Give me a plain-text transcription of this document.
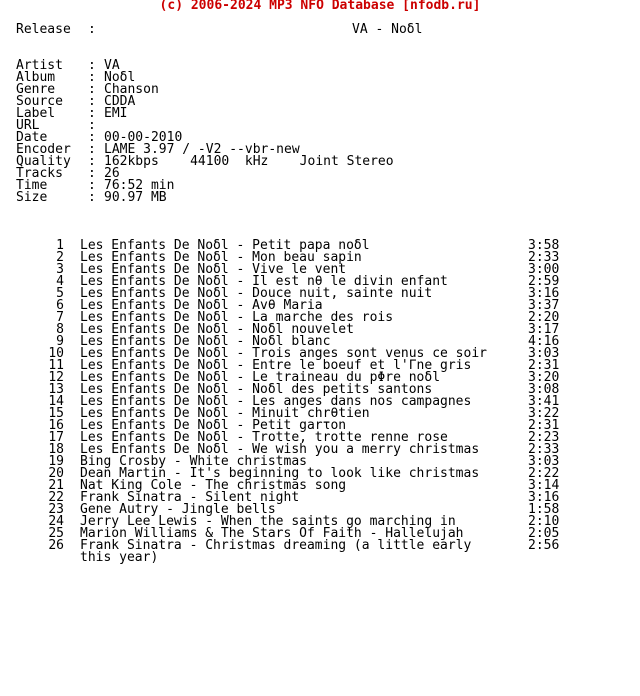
(c) 2006-2024 MP3 NFO Database [nfodb.ru]
Release :	VA - Noδl
Artist : VA
Album	: Noδl
Genre	: Chanson
Source : CDDA
Label	: EMI
URL	:
Date	: 00-00-2010
Encoder : LAME 3.97 / -V2 --vbr-new
Quality : 162kbps    44100  kHz    Joint Stereo
Tracks : 26
Time	: 76:52 min
Size	: 90.97 MB
1 Les Enfants De Noδl - Petit papa noδl	3:58
2 Les Enfants De Noδl - Mon beau sapin	2:33
3 Les Enfants De Noδl - Vive le vent	3:00
4 Les Enfants De Noδl - Il est nθ le divin enfant	2:59
5 Les Enfants De Noδl - Douce nuit, sainte nuit	3:16
6 Les Enfants De Noδl - Avθ Maria	3:37
7 Les Enfants De Noδl - La marche des rois	2:20
8 Les Enfants De Noδl - Noδl nouvelet	3:17
9 Les Enfants De Noδl - Noδl blanc	4:16
10 Les Enfants De Noδl - Trois anges sont venus ce soir	3:03
11 Les Enfants De Noδl - Entre le boeuf et l'Γne gris	2:31
12 Les Enfants De Noδl - Le traineau du pΦre noδl	3:20
13 Les Enfants De Noδl - Noδl des petits santons	3:08
14 Les Enfants De Noδl - Les anges dans nos campagnes	3:41
15 Les Enfants De Noδl - Minuit chrθtien	3:22
16 Les Enfants De Noδl - Petit garτon	2:31
17 Les Enfants De Noδl - Trotte, trotte renne rose	2:23
18 Les Enfants De Noδl - We wish you a merry christmas	2:33
19 Bing Crosby - White christmas	3:03
20 Dean Martin - It's beginning to look like christmas	2:22
21 Nat King Cole - The christmas song	3:14
22 Frank Sinatra - Silent night	3:16
23 Gene Autry - Jingle bells	1:58
24 Jerry Lee Lewis - When the saints go marching in	2:10
25 Marion Williams & The Stars Of Faith - Hallelujah	2:05
26 Frank Sinatra - Christmas dreaming (a little early this year)
2:56
